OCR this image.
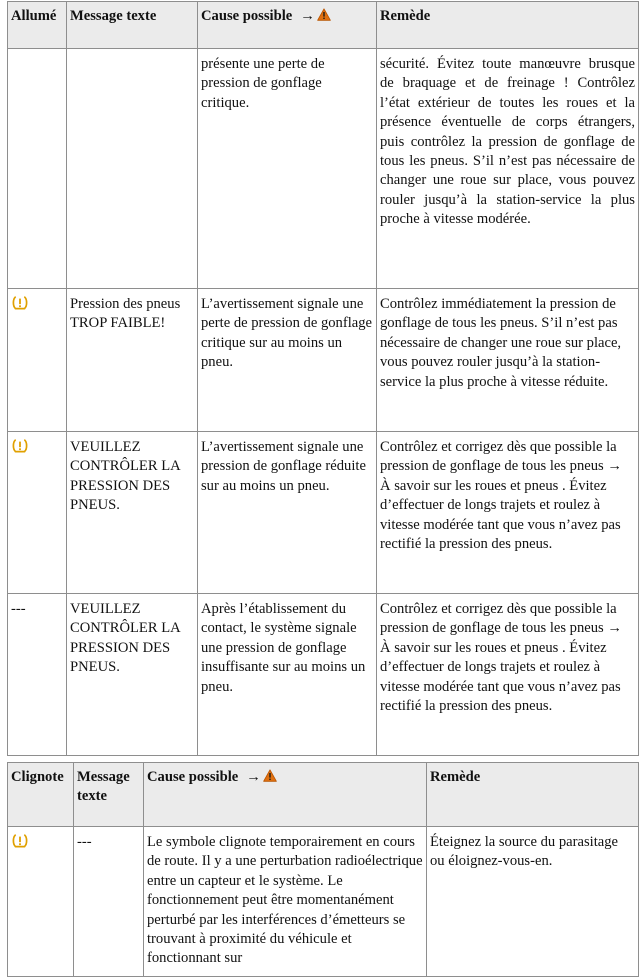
Allumé	Message texte	Cause possible →	Remède
		présente une perte de pression de gonflage critique.	sécurité. Évitez toute manœuvre brusque de braquage et de freinage ! Contrôlez l’état extérieur de toutes les roues et la présence éventuelle de corps étrangers, puis contrôlez la pression de gonflage de tous les pneus. S’il n’est pas nécessaire de changer une roue sur place, vous pouvez rouler jusqu’à la station-service la plus proche à vitesse modérée.
	Pression des pneus TROP FAIBLE!	L’avertissement signale une perte de pression de gonflage critique sur au moins un pneu.	Contrôlez immédiatement la pression de gonflage de tous les pneus. S’il n’est pas nécessaire de changer une roue sur place, vous pouvez rouler jusqu’à la station-service la plus proche à vitesse réduite.
	VEUILLEZ CONTRÔLER LA PRESSION DES PNEUS.	L’avertissement signale une pression de gonflage réduite sur au moins un pneu.	Contrôlez et corrigez dès que possible la pression de gonflage de tous les pneus → À savoir sur les roues et pneus . Évitez d’effectuer de longs trajets et roulez à vitesse modérée tant que vous n’avez pas rectifié la pression des pneus.
---	VEUILLEZ CONTRÔLER LA PRESSION DES PNEUS.	Après l’établissement du contact, le système signale une pression de gonflage insuffisante sur au moins un pneu.	Contrôlez et corrigez dès que possible la pression de gonflage de tous les pneus → À savoir sur les roues et pneus . Évitez d’effectuer de longs trajets et roulez à vitesse modérée tant que vous n’avez pas rectifié la pression des pneus.
Clignote	Message texte	Cause possible →	Remède
	---	Le symbole clignote temporairement en cours de route. Il y a une perturbation radioélectrique entre un capteur et le système. Le fonctionnement peut être momentanément perturbé par les interférences d’émetteurs se trouvant à proximité du véhicule et fonctionnant sur	Éteignez la source du parasitage ou éloignez-vous-en.
